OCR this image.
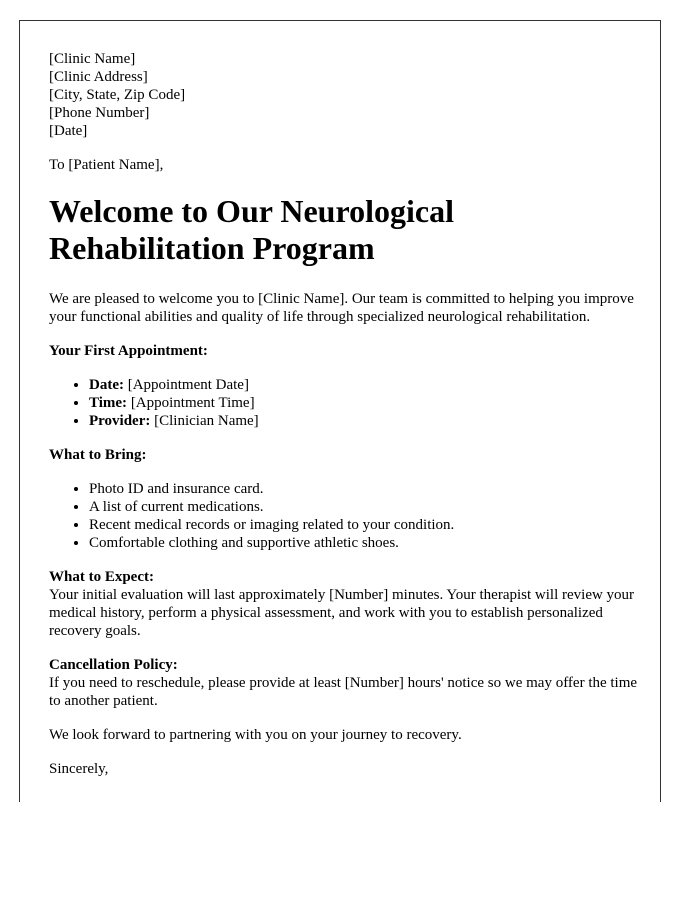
[Clinic Name]
[Clinic Address]
[City, State, Zip Code]
[Phone Number]
[Date]
To [Patient Name],
Welcome to Our Neurological Rehabilitation Program
We are pleased to welcome you to [Clinic Name]. Our team is committed to helping you improve your functional abilities and quality of life through specialized neurological rehabilitation.
Your First Appointment:
• Date: [Appointment Date]
• Time: [Appointment Time]
• Provider: [Clinician Name]
What to Bring:
• Photo ID and insurance card.
• A list of current medications.
• Recent medical records or imaging related to your condition.
• Comfortable clothing and supportive athletic shoes.
What to Expect:
Your initial evaluation will last approximately [Number] minutes. Your therapist will review your medical history, perform a physical assessment, and work with you to establish personalized recovery goals.
Cancellation Policy:
If you need to reschedule, please provide at least [Number] hours' notice so we may offer the time to another patient.
We look forward to partnering with you on your journey to recovery.
Sincerely,
